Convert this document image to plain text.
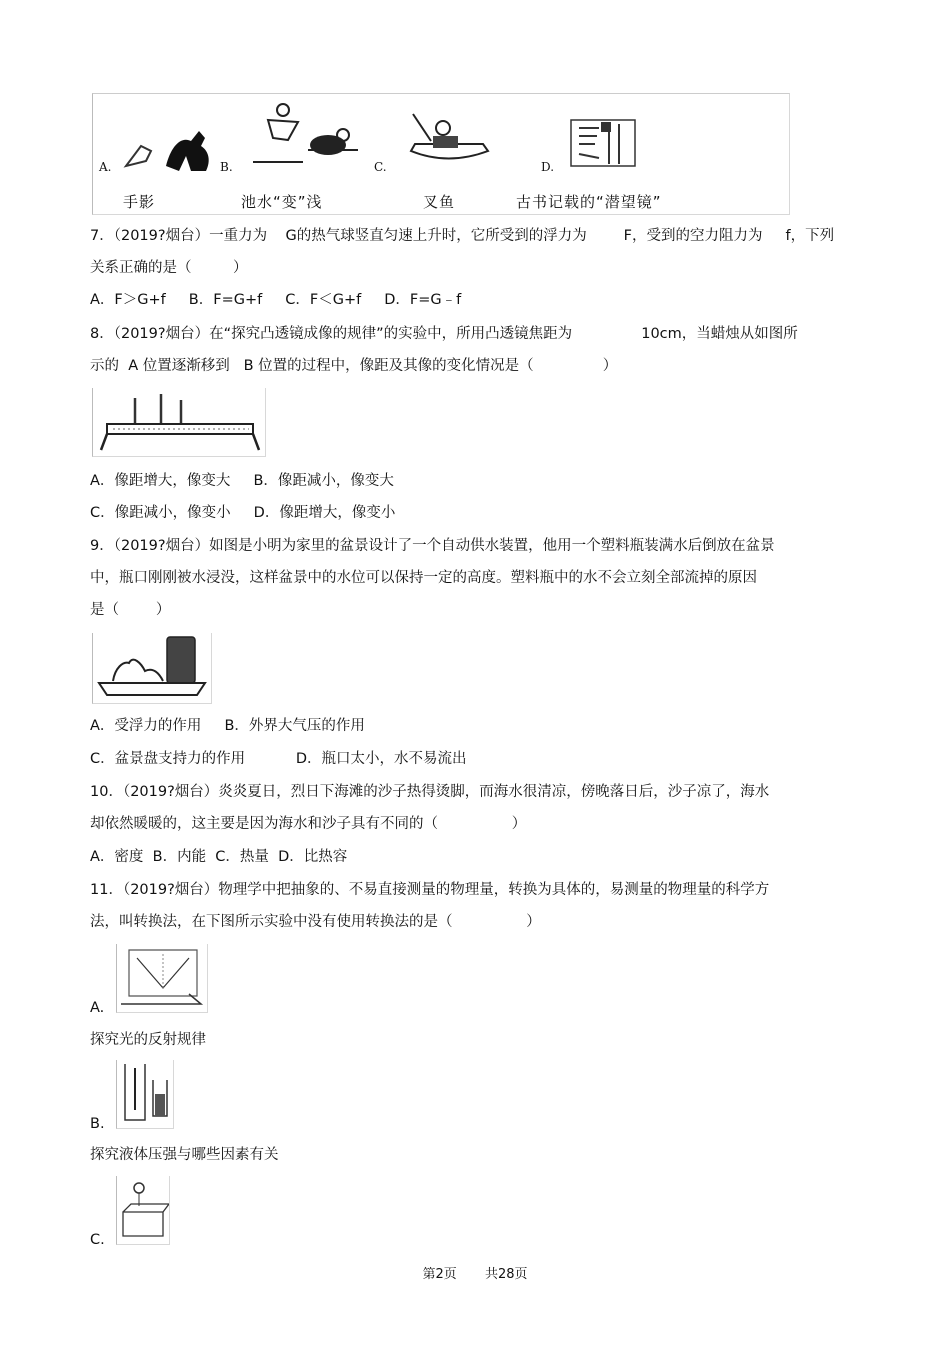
A.	B.	C.	D.
手影	池水“变”浅	叉鱼	古书记载的“潜望镜”
7．（2019?烟台）一重力为    G的热气球竖直匀速上升时，它所受到的浮力为        F，受到的空力阻力为     f，下列
关系正确的是（         ）
A．F＞G+f     B．F=G+f     C．F＜G+f     D．F=G﹣f
8．（2019?烟台）在“探究凸透镜成像的规律”的实验中，所用凸透镜焦距为               10cm，当蜡烛从如图所
示的  A 位置逐渐移到   B 位置的过程中，像距及其像的变化情况是（               ）
A．像距增大，像变大     B．像距减小，像变大
C．像距减小，像变小     D．像距增大，像变小
9．（2019?烟台）如图是小明为家里的盆景设计了一个自动供水装置，他用一个塑料瓶装满水后倒放在盆景
中，瓶口刚刚被水浸没，这样盆景中的水位可以保持一定的高度。塑料瓶中的水不会立刻全部流掉的原因
是（        ）
A．受浮力的作用     B．外界大气压的作用
C．盆景盘支持力的作用           D．瓶口太小，水不易流出
10．（2019?烟台）炎炎夏日，烈日下海滩的沙子热得烫脚，而海水很清凉，傍晚落日后，沙子凉了，海水
却依然暖暖的，这主要是因为海水和沙子具有不同的（                ）
A．密度  B．内能  C．热量  D．比热容
11．（2019?烟台）物理学中把抽象的、不易直接测量的物理量，转换为具体的，易测量的物理量的科学方
法，叫转换法，在下图所示实验中没有使用转换法的是（                ）
A.
探究光的反射规律
B.
探究液体压强与哪些因素有关
C.
第2页 共28页
